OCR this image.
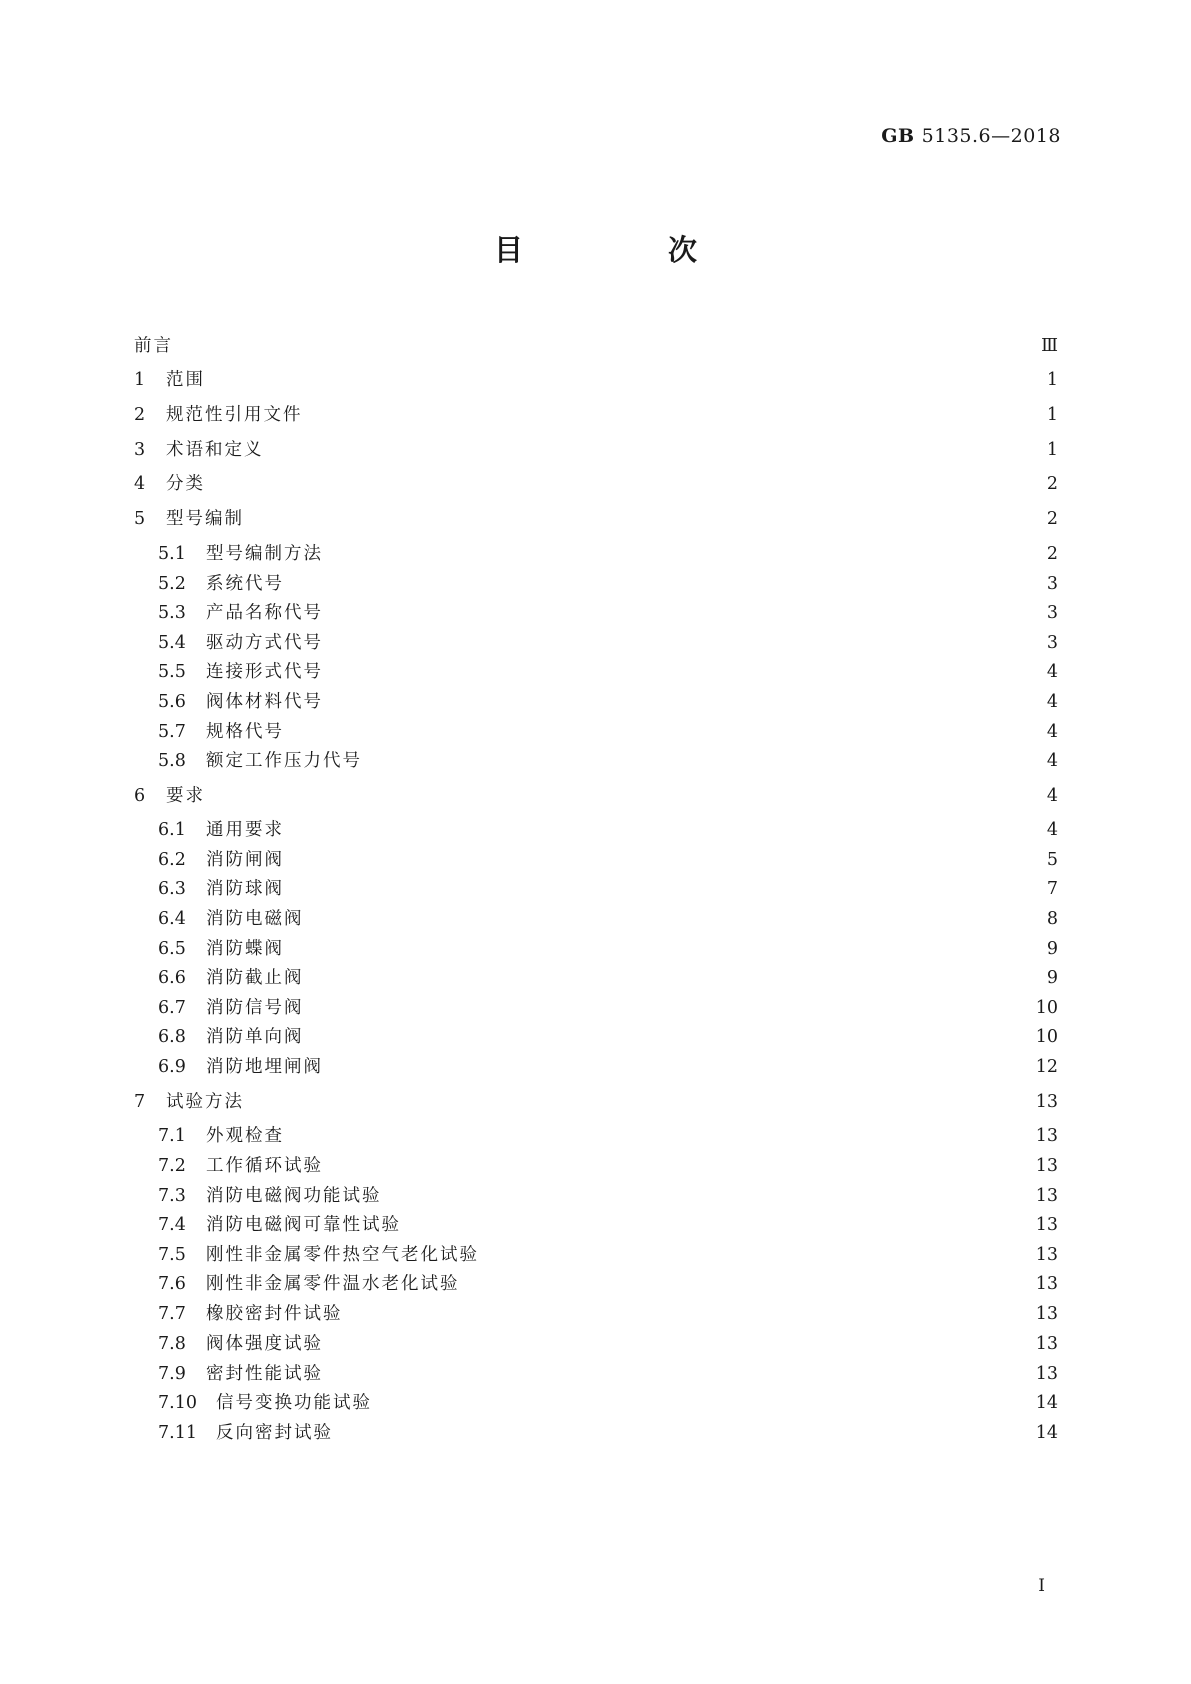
GB 5135.6—2018
目　次
前言	Ⅲ
1 范围	1
2 规范性引用文件	1
3 术语和定义	1
4 分类	2
5 型号编制	2
5.1 型号编制方法	2
5.2 系统代号	3
5.3 产品名称代号	3
5.4 驱动方式代号	3
5.5 连接形式代号	4
5.6 阀体材料代号	4
5.7 规格代号	4
5.8 额定工作压力代号	4
6 要求	4
6.1 通用要求	4
6.2 消防闸阀	5
6.3 消防球阀	7
6.4 消防电磁阀	8
6.5 消防蝶阀	9
6.6 消防截止阀	9
6.7 消防信号阀	10
6.8 消防单向阀	10
6.9 消防地埋闸阀	12
7 试验方法	13
7.1 外观检查	13
7.2 工作循环试验	13
7.3 消防电磁阀功能试验	13
7.4 消防电磁阀可靠性试验	13
7.5 刚性非金属零件热空气老化试验	13
7.6 刚性非金属零件温水老化试验	13
7.7 橡胶密封件试验	13
7.8 阀体强度试验	13
7.9 密封性能试验	13
7.10 信号变换功能试验	14
7.11 反向密封试验	14
Ⅰ
